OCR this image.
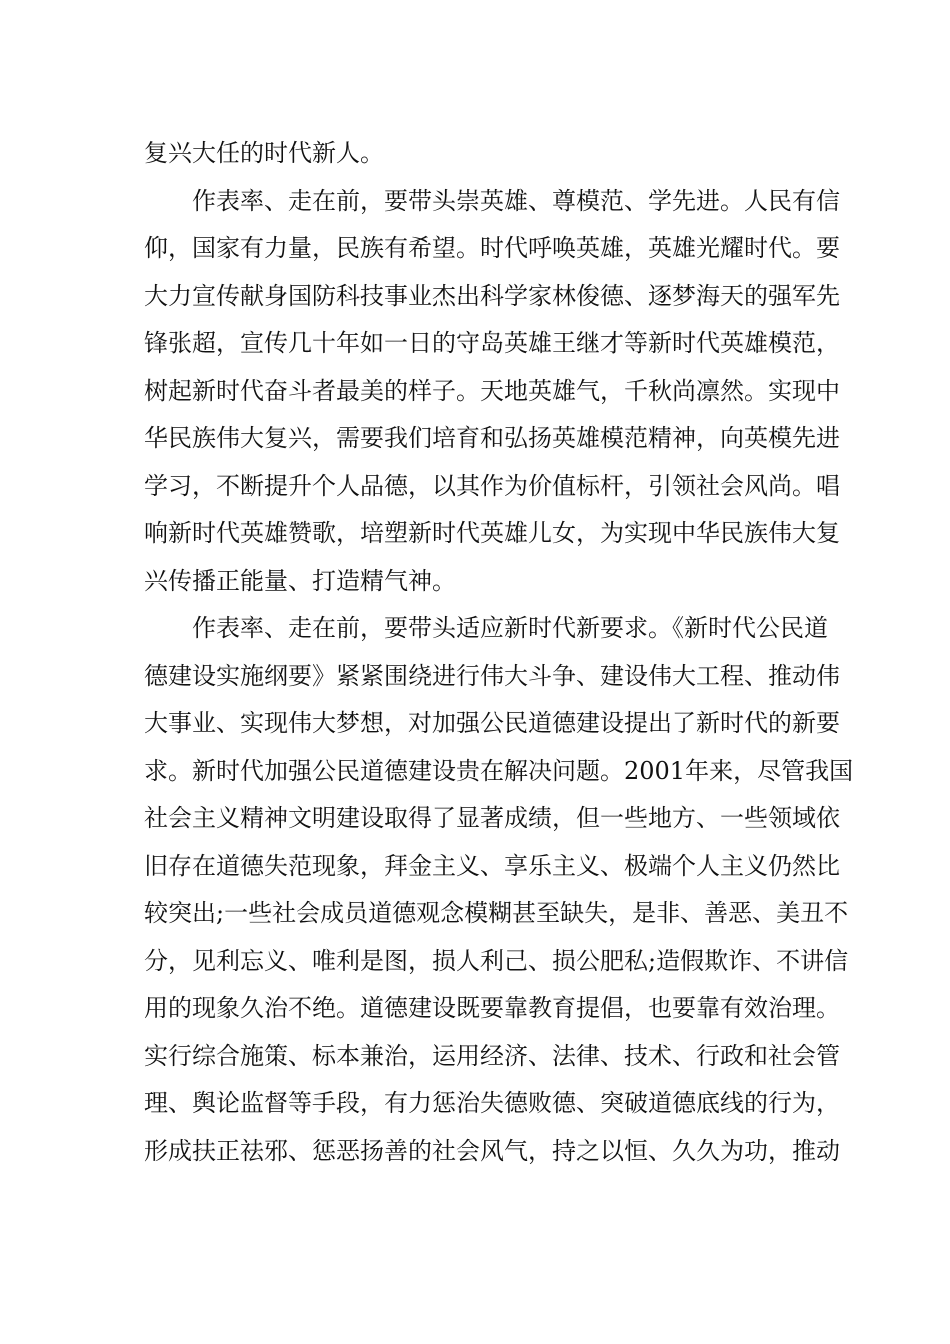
复兴大任的时代新人。
作表率、走在前，要带头崇英雄、尊模范、学先进。人民有信
仰，国家有力量，民族有希望。时代呼唤英雄，英雄光耀时代。要
大力宣传献身国防科技事业杰出科学家林俊德、逐梦海天的强军先
锋张超，宣传几十年如一日的守岛英雄王继才等新时代英雄模范，
树起新时代奋斗者最美的样子。天地英雄气，千秋尚凛然。实现中
华民族伟大复兴，需要我们培育和弘扬英雄模范精神，向英模先进
学习，不断提升个人品德，以其作为价值标杆，引领社会风尚。唱
响新时代英雄赞歌，培塑新时代英雄儿女，为实现中华民族伟大复
兴传播正能量、打造精气神。
作表率、走在前，要带头适应新时代新要求。《新时代公民道
德建设实施纲要》紧紧围绕进行伟大斗争、建设伟大工程、推动伟
大事业、实现伟大梦想，对加强公民道德建设提出了新时代的新要
求。新时代加强公民道德建设贵在解决问题。2001年来，尽管我国
社会主义精神文明建设取得了显著成绩，但一些地方、一些领域依
旧存在道德失范现象，拜金主义、享乐主义、极端个人主义仍然比
较突出;一些社会成员道德观念模糊甚至缺失，是非、善恶、美丑不
分，见利忘义、唯利是图，损人利己、损公肥私;造假欺诈、不讲信
用的现象久治不绝。道德建设既要靠教育提倡，也要靠有效治理。
实行综合施策、标本兼治，运用经济、法律、技术、行政和社会管
理、舆论监督等手段，有力惩治失德败德、突破道德底线的行为，
形成扶正祛邪、惩恶扬善的社会风气，持之以恒、久久为功，推动
